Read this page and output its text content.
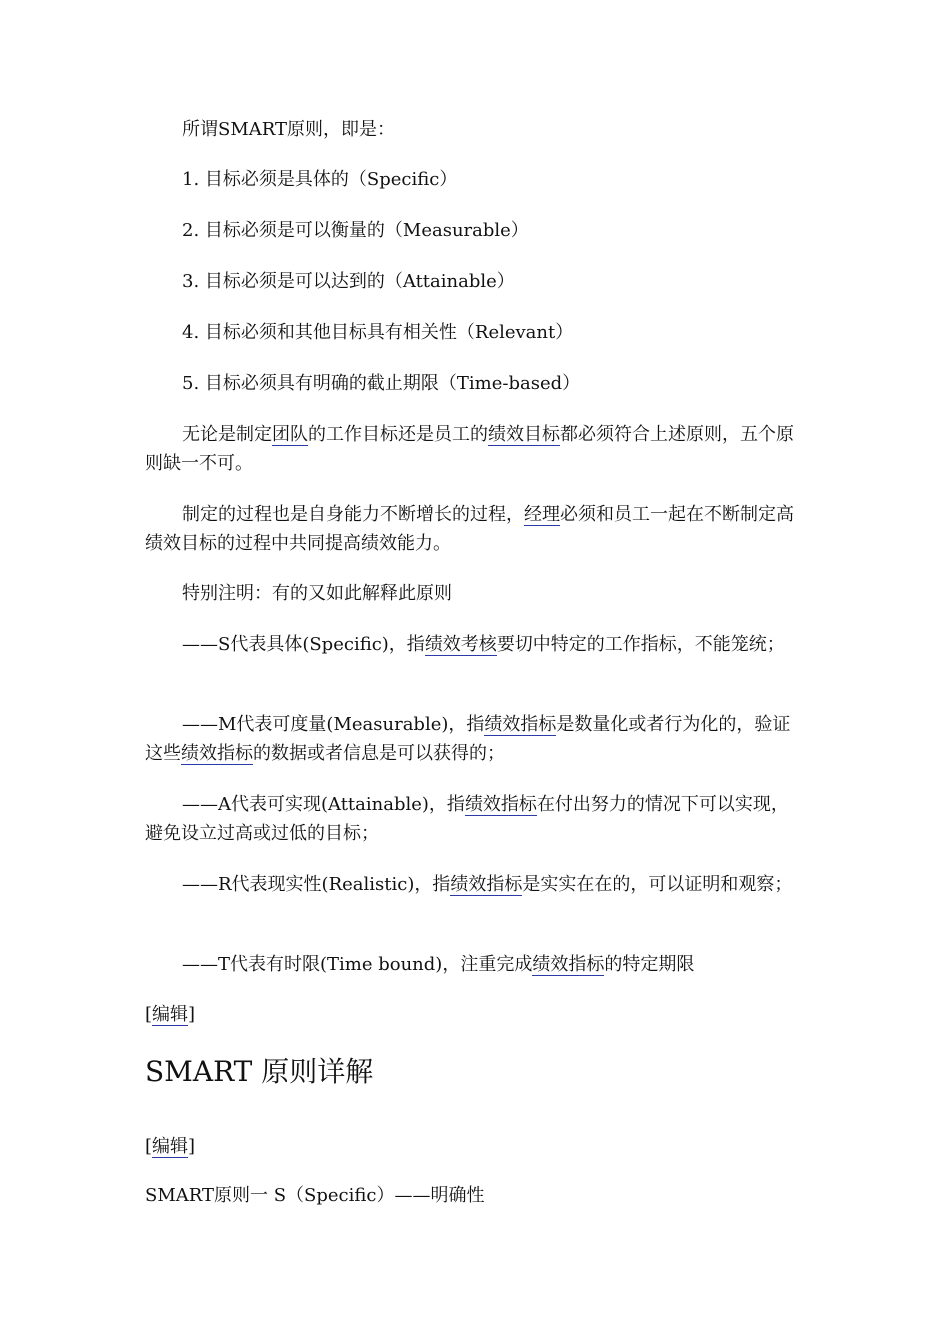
所谓SMART原则，即是：

1. 目标必须是具体的（Specific）

2. 目标必须是可以衡量的（Measurable）

3. 目标必须是可以达到的（Attainable）

4. 目标必须和其他目标具有相关性（Relevant）

5. 目标必须具有明确的截止期限（Time-based）

无论是制定团队的工作目标还是员工的绩效目标都必须符合上述原则，五个原则缺一不可。

制定的过程也是自身能力不断增长的过程，经理必须和员工一起在不断制定高绩效目标的过程中共同提高绩效能力。

特别注明：有的又如此解释此原则

——S代表具体(Specific)，指绩效考核要切中特定的工作指标，不能笼统；

——M代表可度量(Measurable)，指绩效指标是数量化或者行为化的，验证这些绩效指标的数据或者信息是可以获得的；

——A代表可实现(Attainable)，指绩效指标在付出努力的情况下可以实现，避免设立过高或过低的目标；

——R代表现实性(Realistic)，指绩效指标是实实在在的，可以证明和观察；

——T代表有时限(Time bound)，注重完成绩效指标的特定期限

[编辑]

SMART 原则详解

[编辑]

SMART原则一 S（Specific）——明确性
